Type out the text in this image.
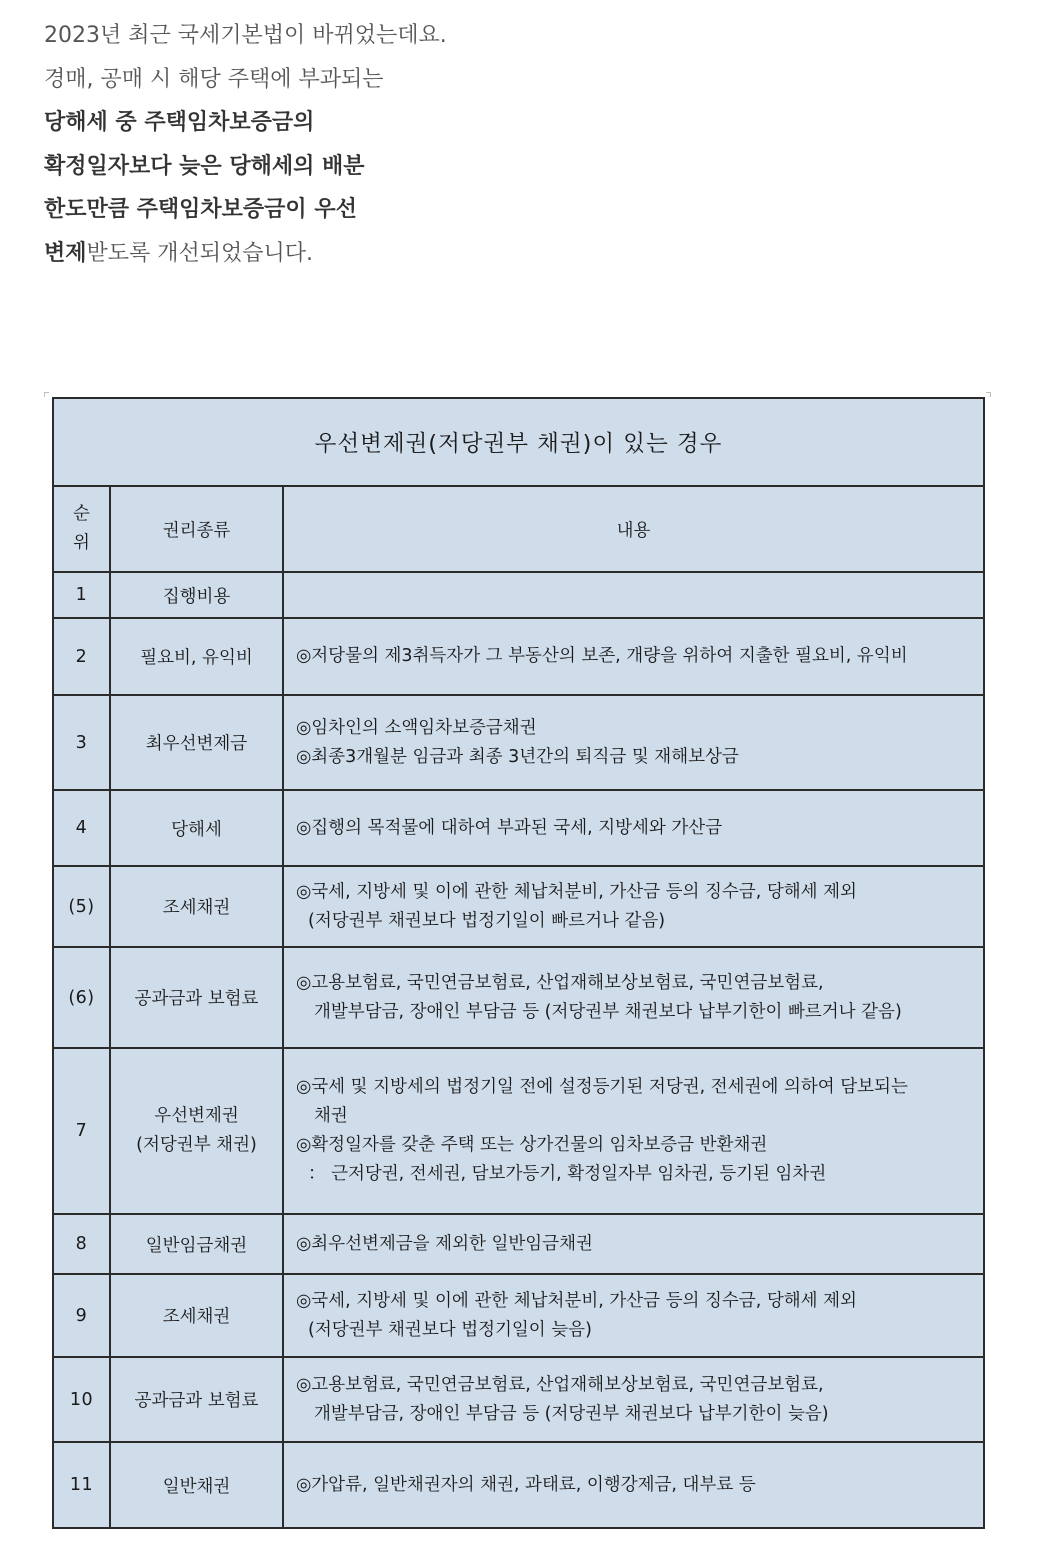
2023년 최근 국세기본법이 바뀌었는데요.

경매, 공매 시 해당 주택에 부과되는

당해세 중 주택임차보증금의

확정일자보다 늦은 당해세의 배분

한도만큼 주택임차보증금이 우선

변제받도록 개선되었습니다.

우선변제권(저당권부 채권)이 있는 경우		

순
위	권리종류	내용
1	집행비용	

2	필요비, 유익비	◎저당물의 제3취득자가 그 부동산의 보존, 개량을 위하여 지출한 필요비, 유익비

3	최우선변제금	◎임차인의 소액임차보증금채권
◎최종3개월분 임금과 최종 3년간의 퇴직금 및 재해보상금

4	당해세	◎집행의 목적물에 대하여 부과된 국세, 지방세와 가산금

(5)	조세채권	◎국세, 지방세 및 이에 관한 체납처분비, 가산금 등의 징수금, 당해세 제외
(저당권부 채권보다 법정기일이 빠르거나 같음)

(6)	공과금과 보험료	◎고용보험료, 국민연금보험료, 산업재해보상보험료, 국민연금보험료,
개발부담금, 장애인 부담금 등 (저당권부 채권보다 납부기한이 빠르거나 같음)

7	우선변제권
(저당권부 채권)	◎국세 및 지방세의 법정기일 전에 설정등기된 저당권, 전세권에 의하여 담보되는
채권
◎확정일자를 갖춘 주택 또는 상가건물의 임차보증금 반환채권
： 근저당권, 전세권, 담보가등기, 확정일자부 임차권, 등기된 임차권

8	일반임금채권	◎최우선변제금을 제외한 일반임금채권

9	조세채권	◎국세, 지방세 및 이에 관한 체납처분비, 가산금 등의 징수금, 당해세 제외
(저당권부 채권보다 법정기일이 늦음)

10	공과금과 보험료	◎고용보험료, 국민연금보험료, 산업재해보상보험료, 국민연금보험료,
개발부담금, 장애인 부담금 등 (저당권부 채권보다 납부기한이 늦음)

11	일반채권	◎가압류, 일반채권자의 채권, 과태료, 이행강제금, 대부료 등
